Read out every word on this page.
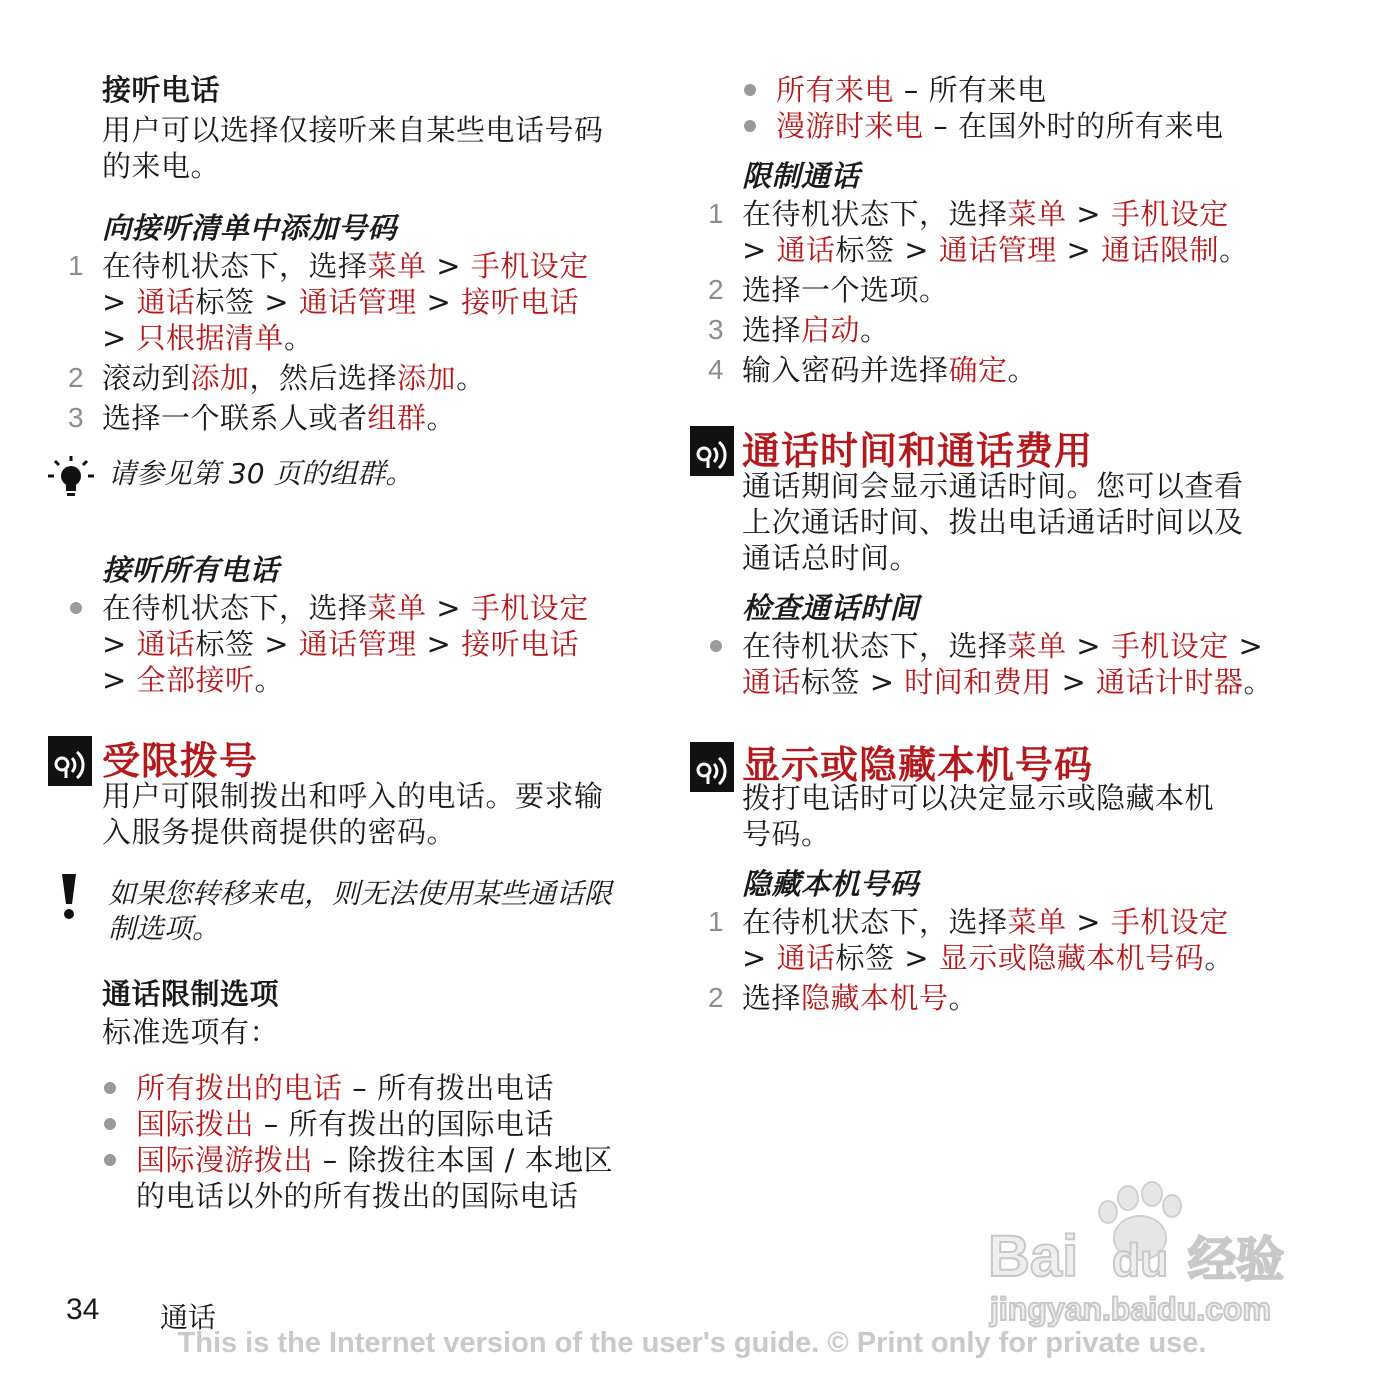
接听电话
用户可以选择仅接听来自某些电话号码
的来电。
向接听清单中添加号码
1 在待机状态下，选择菜单 > 手机设定
> 通话标签 > 通话管理 > 接听电话
> 只根据清单。
2 滚动到添加，然后选择添加。
3 选择一个联系人或者组群。
请参见第 30 页的组群。
接听所有电话
在待机状态下，选择菜单 > 手机设定
> 通话标签 > 通话管理 > 接听电话
> 全部接听。
受限拨号
用户可限制拨出和呼入的电话。要求输
入服务提供商提供的密码。
如果您转移来电，则无法使用某些通话限
制选项。
通话限制选项
标准选项有：
所有拨出的电话 – 所有拨出电话
国际拨出 – 所有拨出的国际电话
国际漫游拨出 – 除拨往本国 / 本地区
的电话以外的所有拨出的国际电话
所有来电 – 所有来电
漫游时来电 – 在国外时的所有来电
限制通话
1 在待机状态下，选择菜单 > 手机设定
> 通话标签 > 通话管理 > 通话限制。
2 选择一个选项。
3 选择启动。
4 输入密码并选择确定。
通话时间和通话费用
通话期间会显示通话时间。您可以查看
上次通话时间、拨出电话通话时间以及
通话总时间。
检查通话时间
在待机状态下，选择菜单 > 手机设定 >
通话标签 > 时间和费用 > 通话计时器。
显示或隐藏本机号码
拨打电话时可以决定显示或隐藏本机
号码。
隐藏本机号码
1 在待机状态下，选择菜单 > 手机设定
> 通话标签 > 显示或隐藏本机号码。
2 选择隐藏本机号。
Bai du 经验
jingyan.baidu.com
34 通话
This is the Internet version of the user's guide. © Print only for private use.
